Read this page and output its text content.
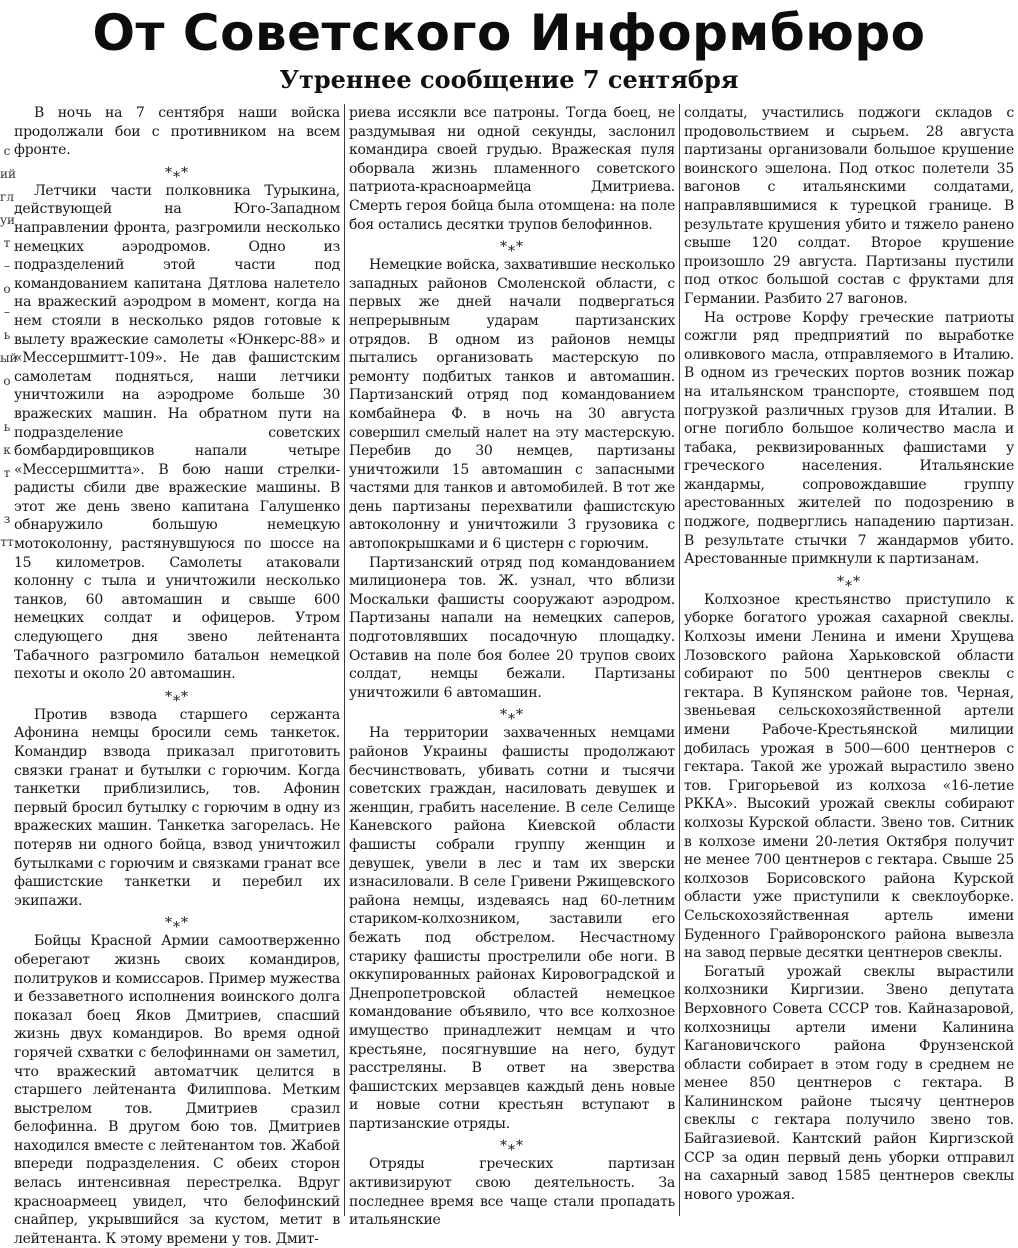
От Советского Информбюро
Утреннее сообщение 7 сентября
с
ий
гл
уи
т
–
о
–
ь
ый
о

ь
к
т

з
тт

В ночь на 7 сентября наши войска продолжали бои с противником на всем фронте.

*⁎*

Летчики части полковника Турыкина, действующей на Юго-Западном направлении фронта, разгромили несколько немецких аэродромов. Одно из подразделений этой части под командованием капитана Дятлова налетело на вражеский аэродром в момент, когда на нем стояли в несколько рядов готовые к вылету вражеские самолеты «Юнкерс-88» и «Мессершмитт-109». Не дав фашистским самолетам подняться, наши летчики уничтожили на аэродроме больше 30 вражеских машин. На обратном пути на подразделение советских бомбардировщиков напали четыре «Мессершмитта». В бою наши стрелки-радисты сбили две вражеские машины. В этот же день звено капитана Галушенко обнаружило большую немецкую мотоколонну, растянувшуюся по шоссе на 15 километров. Самолеты атаковали колонну с тыла и уничтожили несколько танков, 60 автомашин и свыше 600 немецких солдат и офицеров. Утром следующего дня звено лейтенанта Табачного разгромило батальон немецкой пехоты и около 20 автомашин.

*⁎*

Против взвода старшего сержанта Афонина немцы бросили семь танкеток. Командир взвода приказал приготовить связки гранат и бутылки с горючим. Когда танкетки приблизились, тов. Афонин первый бросил бутылку с горючим в одну из вражеских машин. Танкетка загорелась. Не потеряв ни одного бойца, взвод уничтожил бутылками с горючим и связками гранат все фашистские танкетки и перебил их экипажи.

*⁎*

Бойцы Красной Армии самоотверженно оберегают жизнь своих командиров, политруков и комиссаров. Пример мужества и беззаветного исполнения воинского долга показал боец Яков Дмитриев, спасший жизнь двух командиров. Во время одной горячей схватки с белофиннами он заметил, что вражеский автоматчик целится в старшего лейтенанта Филиппова. Метким выстрелом тов. Дмитриев сразил белофинна. В другом бою тов. Дмитриев находился вместе с лейтенантом тов. Жабой впереди подразделения. С обеих сторон велась интенсивная перестрелка. Вдруг красноармеец увидел, что белофинский снайпер, укрывшийся за кустом, метит в лейтенанта. К этому времени у тов. Дмит-

риева иссякли все патроны. Тогда боец, не раздумывая ни одной секунды, заслонил командира своей грудью. Вражеская пуля оборвала жизнь пламенного советского патриота-красноармейца Дмитриева. Смерть героя бойца была отомщена: на поле боя остались десятки трупов белофиннов.

*⁎*

Немецкие войска, захватившие несколько западных районов Смоленской области, с первых же дней начали подвергаться непрерывным ударам партизанских отрядов. В одном из районов немцы пытались организовать мастерскую по ремонту подбитых танков и автомашин. Партизанский отряд под командованием комбайнера Ф. в ночь на 30 августа совершил смелый налет на эту мастерскую. Перебив до 30 немцев, партизаны уничтожили 15 автомашин с запасными частями для танков и автомобилей. В тот же день партизаны перехватили фашистскую автоколонну и уничтожили 3 грузовика с автопокрышками и 6 цистерн с горючим.

Партизанский отряд под командованием милиционера тов. Ж. узнал, что вблизи Москальки фашисты сооружают аэродром. Партизаны напали на немецких саперов, подготовлявших посадочную площадку. Оставив на поле боя более 20 трупов своих солдат, немцы бежали. Партизаны уничтожили 6 автомашин.

*⁎*

На территории захваченных немцами районов Украины фашисты продолжают бесчинствовать, убивать сотни и тысячи советских граждан, насиловать девушек и женщин, грабить население. В селе Селище Каневского района Киевской области фашисты собрали группу женщин и девушек, увели в лес и там их зверски изнасиловали. В селе Гривени Ржищевского района немцы, издеваясь над 60-летним стариком-колхозником, заставили его бежать под обстрелом. Несчастному старику фашисты прострелили обе ноги. В оккупированных районах Кировоградской и Днепропетровской областей немецкое командование объявило, что все колхозное имущество принадлежит немцам и что крестьяне, посягнувшие на него, будут расстреляны. В ответ на зверства фашистских мерзавцев каждый день новые и новые сотни крестьян вступают в партизанские отряды.

*⁎*

Отряды греческих партизан активизируют свою деятельность. За последнее время все чаще стали пропадать итальянские

солдаты, участились поджоги складов с продовольствием и сырьем. 28 августа партизаны организовали большое крушение воинского эшелона. Под откос полетели 35 вагонов с итальянскими солдатами, направлявшимися к турецкой границе. В результате крушения убито и тяжело ранено свыше 120 солдат. Второе крушение произошло 29 августа. Партизаны пустили под откос большой состав с фруктами для Германии. Разбито 27 вагонов.

На острове Корфу греческие патриоты сожгли ряд предприятий по выработке оливкового масла, отправляемого в Италию. В одном из греческих портов возник пожар на итальянском транспорте, стоявшем под погрузкой различных грузов для Италии. В огне погибло большое количество масла и табака, реквизированных фашистами у греческого населения. Итальянские жандармы, сопровождавшие группу арестованных жителей по подозрению в поджоге, подверглись нападению партизан. В результате стычки 7 жандармов убито. Арестованные примкнули к партизанам.

*⁎*

Колхозное крестьянство приступило к уборке богатого урожая сахарной свеклы. Колхозы имени Ленина и имени Хрущева Лозовского района Харьковской области собирают по 500 центнеров свеклы с гектара. В Купянском районе тов. Черная, звеньевая сельскохозяйственной артели имени Рабоче-Крестьянской милиции добилась урожая в 500—600 центнеров с гектара. Такой же урожай вырастило звено тов. Григорьевой из колхоза «16-летие РККА». Высокий урожай свеклы собирают колхозы Курской области. Звено тов. Ситник в колхозе имени 20-летия Октября получит не менее 700 центнеров с гектара. Свыше 25 колхозов Борисовского района Курской области уже приступили к свеклоуборке. Сельскохозяйственная артель имени Буденного Грайворонского района вывезла на завод первые десятки центнеров свеклы.

Богатый урожай свеклы вырастили колхозники Киргизии. Звено депутата Верховного Совета СССР тов. Кайназаровой, колхозницы артели имени Калинина Кагановичского района Фрунзенской области собирает в этом году в среднем не менее 850 центнеров с гектара. В Калининском районе тысячу центнеров свеклы с гектара получило звено тов. Байгазиевой. Кантский район Киргизской ССР за один первый день уборки отправил на сахарный завод 1585 центнеров свеклы нового урожая.
